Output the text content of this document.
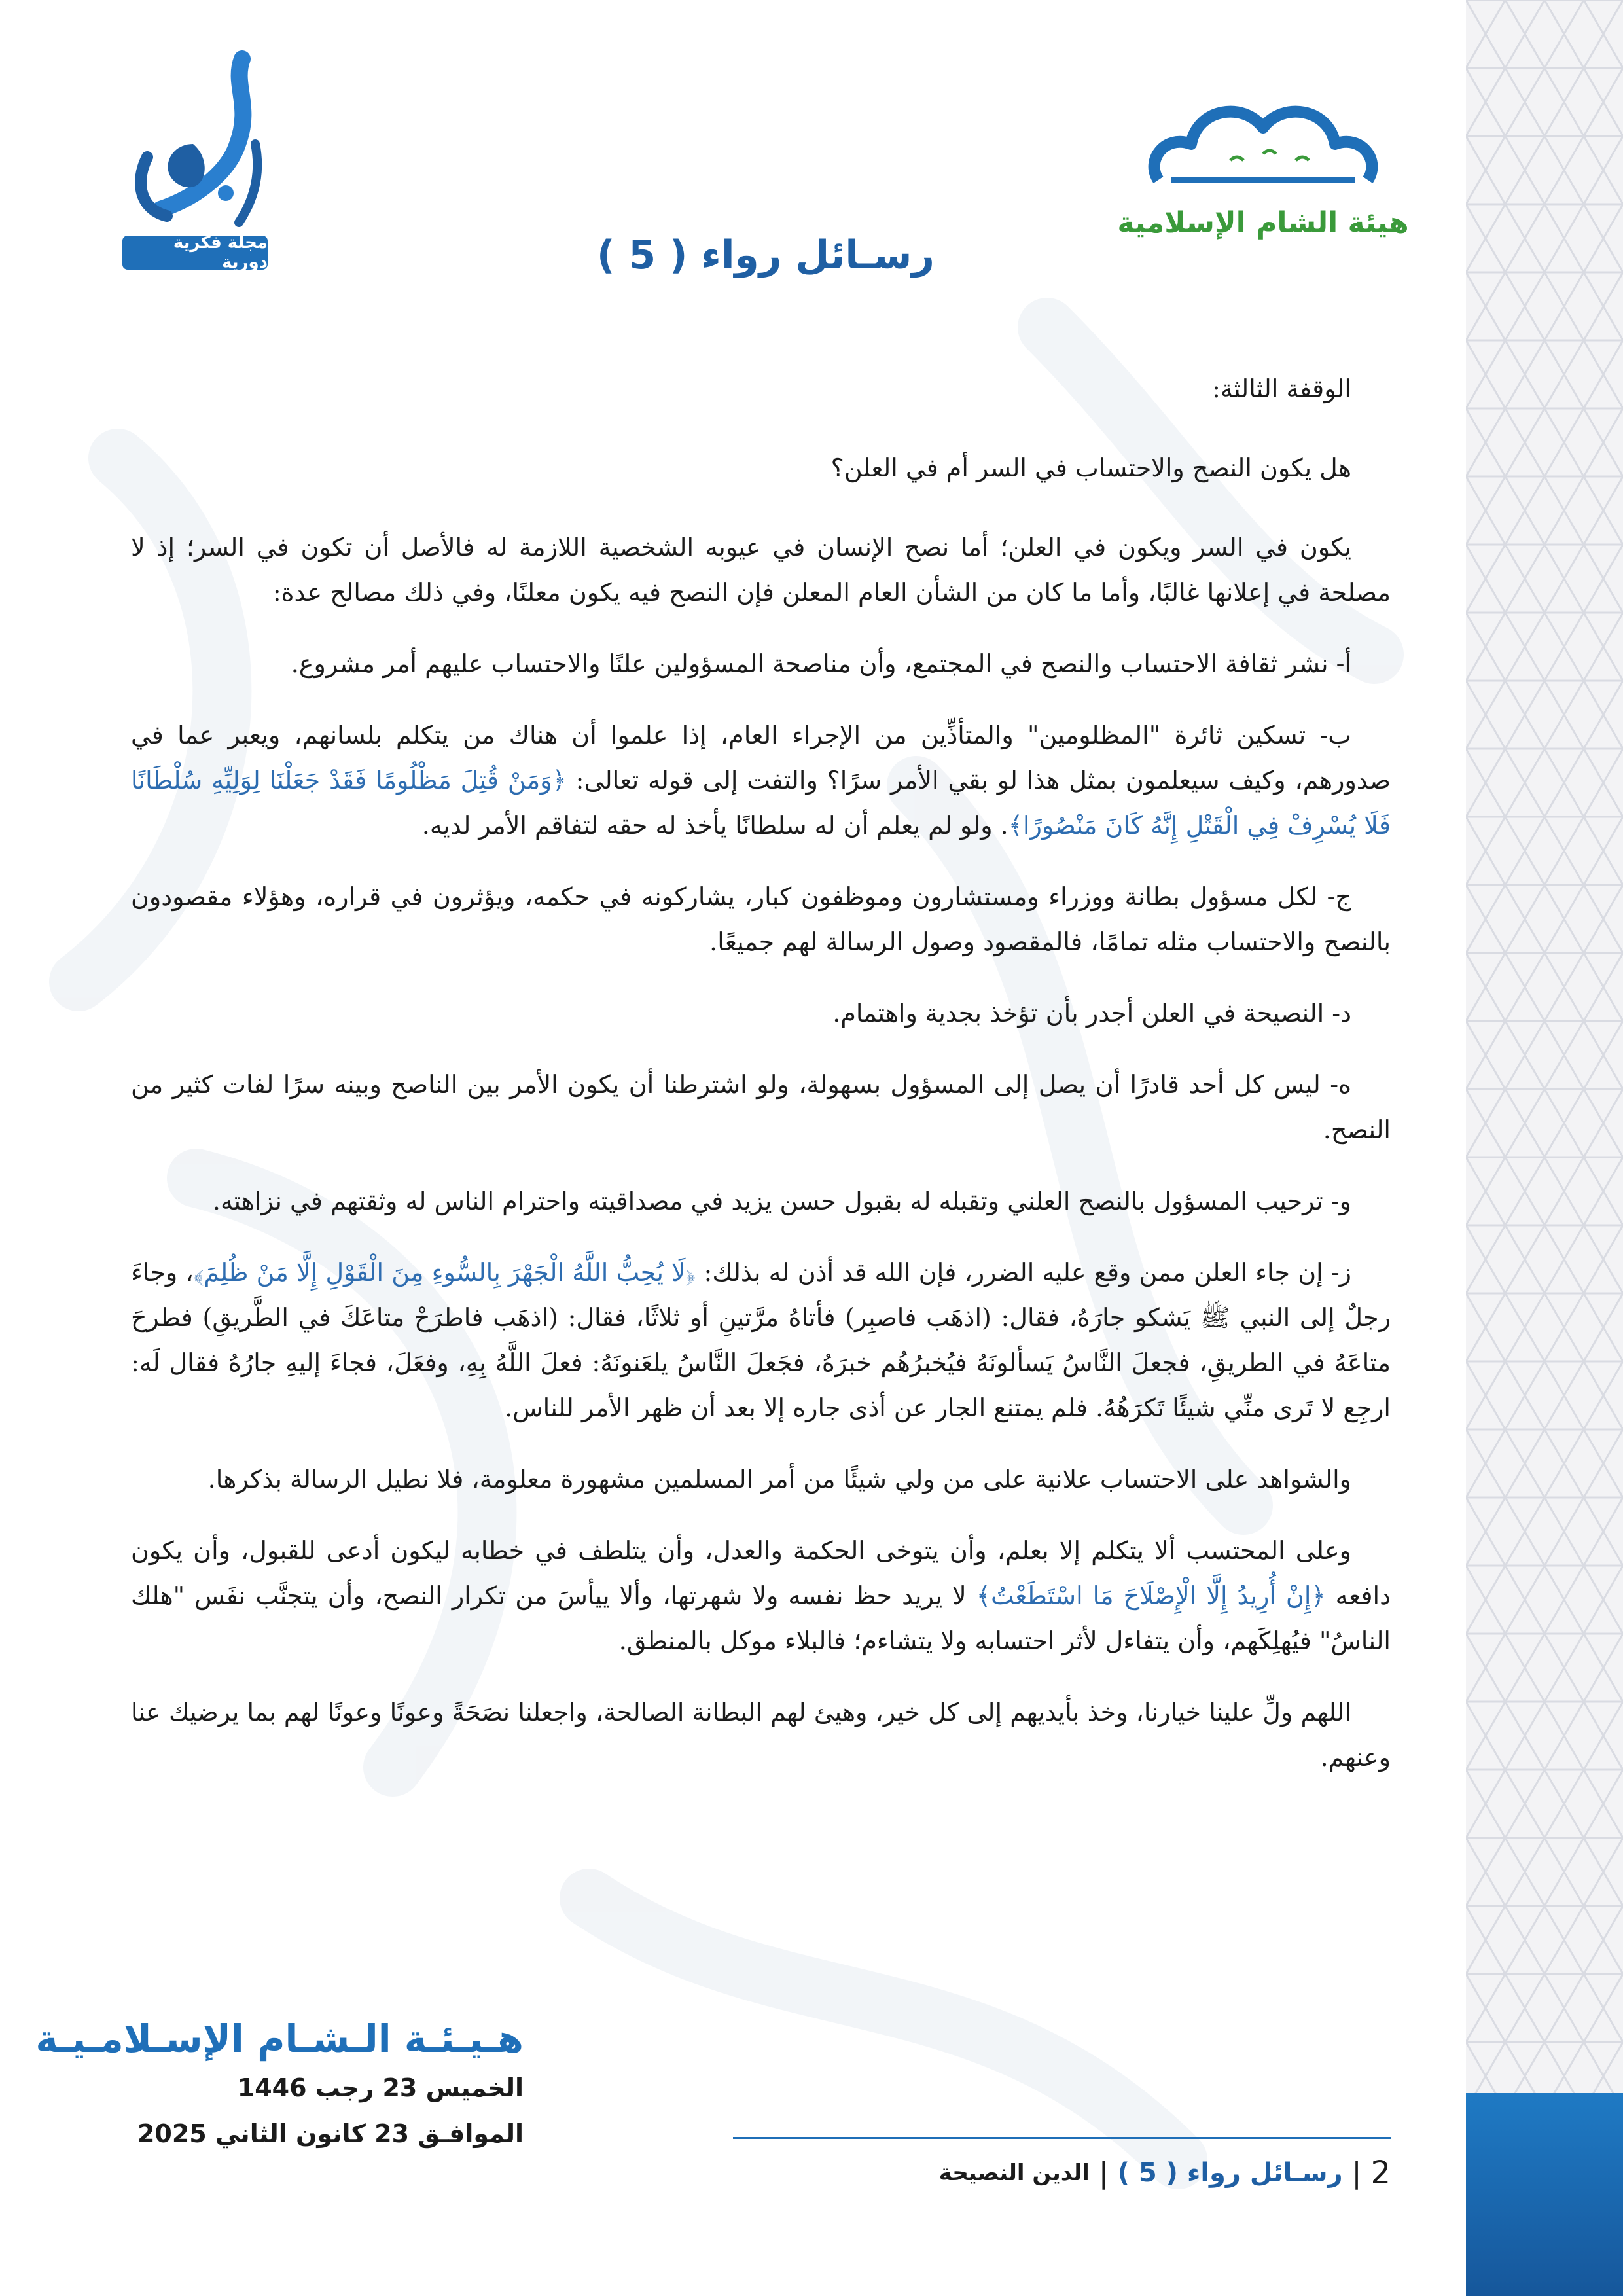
مجلة فكرية دورية
هيئة الشام الإسلامية
رسـائل رواء ( 5 )

الوقفة الثالثة:

هل يكون النصح والاحتساب في السر أم في العلن؟

يكون في السر ويكون في العلن؛ أما نصح الإنسان في عيوبه الشخصية اللازمة له فالأصل أن تكون في السر؛ إذ لا مصلحة في إعلانها غالبًا، وأما ما كان من الشأن العام المعلن فإن النصح فيه يكون معلنًا، وفي ذلك مصالح عدة:

أ- نشر ثقافة الاحتساب والنصح في المجتمع، وأن مناصحة المسؤولين علنًا والاحتساب عليهم أمر مشروع.

ب- تسكين ثائرة "المظلومين" والمتأذِّين من الإجراء العام، إذا علموا أن هناك من يتكلم بلسانهم، ويعبر عما في صدورهم، وكيف سيعلمون بمثل هذا لو بقي الأمر سرًا؟ والتفت إلى قوله تعالى: ﴿وَمَنْ قُتِلَ مَظْلُومًا فَقَدْ جَعَلْنَا لِوَلِيِّهِ سُلْطَانًا فَلَا يُسْرِفْ فِي الْقَتْلِ إِنَّهُ كَانَ مَنْصُورًا﴾. ولو لم يعلم أن له سلطانًا يأخذ له حقه لتفاقم الأمر لديه.

ج- لكل مسؤول بطانة ووزراء ومستشارون وموظفون كبار، يشاركونه في حكمه، ويؤثرون في قراره، وهؤلاء مقصودون بالنصح والاحتساب مثله تمامًا، فالمقصود وصول الرسالة لهم جميعًا.

د- النصيحة في العلن أجدر بأن تؤخذ بجدية واهتمام.

ه- ليس كل أحد قادرًا أن يصل إلى المسؤول بسهولة، ولو اشترطنا أن يكون الأمر بين الناصح وبينه سرًا لفات كثير من النصح.

و- ترحيب المسؤول بالنصح العلني وتقبله له بقبول حسن يزيد في مصداقيته واحترام الناس له وثقتهم في نزاهته.

ز- إن جاء العلن ممن وقع عليه الضرر، فإن الله قد أذن له بذلك: ﴿لَا يُحِبُّ اللَّهُ الْجَهْرَ بِالسُّوءِ مِنَ الْقَوْلِ إِلَّا مَنْ ظُلِمَ﴾، وجاءَ رجلٌ إلى النبي ﷺ يَشكو جارَهُ، فقال: (اذهَب فاصبِر) فأتاهُ مرَّتينِ أو ثلاثًا، فقال: (اذهَب فاطرَحْ متاعَكَ في الطَّريقِ) فطرحَ متاعَهُ في الطريقِ، فجعلَ النَّاسُ يَسألونَهُ فيُخبرُهُم خبرَهُ، فجَعلَ النَّاسُ يلعَنونَهُ: فعلَ اللَّهُ بِهِ، وفعَلَ، فجاءَ إليهِ جارُهُ فقال لَه: ارجِع لا تَرى منِّي شيئًا تَكرَهُهُ. فلم يمتنع الجار عن أذى جاره إلا بعد أن ظهر الأمر للناس.

والشواهد على الاحتساب علانية على من ولي شيئًا من أمر المسلمين مشهورة معلومة، فلا نطيل الرسالة بذكرها.

وعلى المحتسب ألا يتكلم إلا بعلم، وأن يتوخى الحكمة والعدل، وأن يتلطف في خطابه ليكون أدعى للقبول، وأن يكون دافعه ﴿إِنْ أُرِيدُ إِلَّا الْإِصْلَاحَ مَا اسْتَطَعْتُ﴾ لا يريد حظ نفسه ولا شهرتها، وألا ييأسَ من تكرار النصح، وأن يتجنَّب نفَس "هلك الناسُ" فيُهلِكَهم، وأن يتفاءل لأثر احتسابه ولا يتشاءم؛ فالبلاء موكل بالمنطق.

اللهم ولِّ علينا خيارنا، وخذ بأيديهم إلى كل خير، وهيئ لهم البطانة الصالحة، واجعلنا نصَحَةً وعونًا وعونًا لهم بما يرضيك عنا وعنهم.

هـيـئـة الـشـام الإسـلامـيـة
الخميس 23 رجب 1446
الموافـق 23 كانون الثاني 2025
2
|
رسـائل رواء ( 5 )
|
الدين النصيحة
